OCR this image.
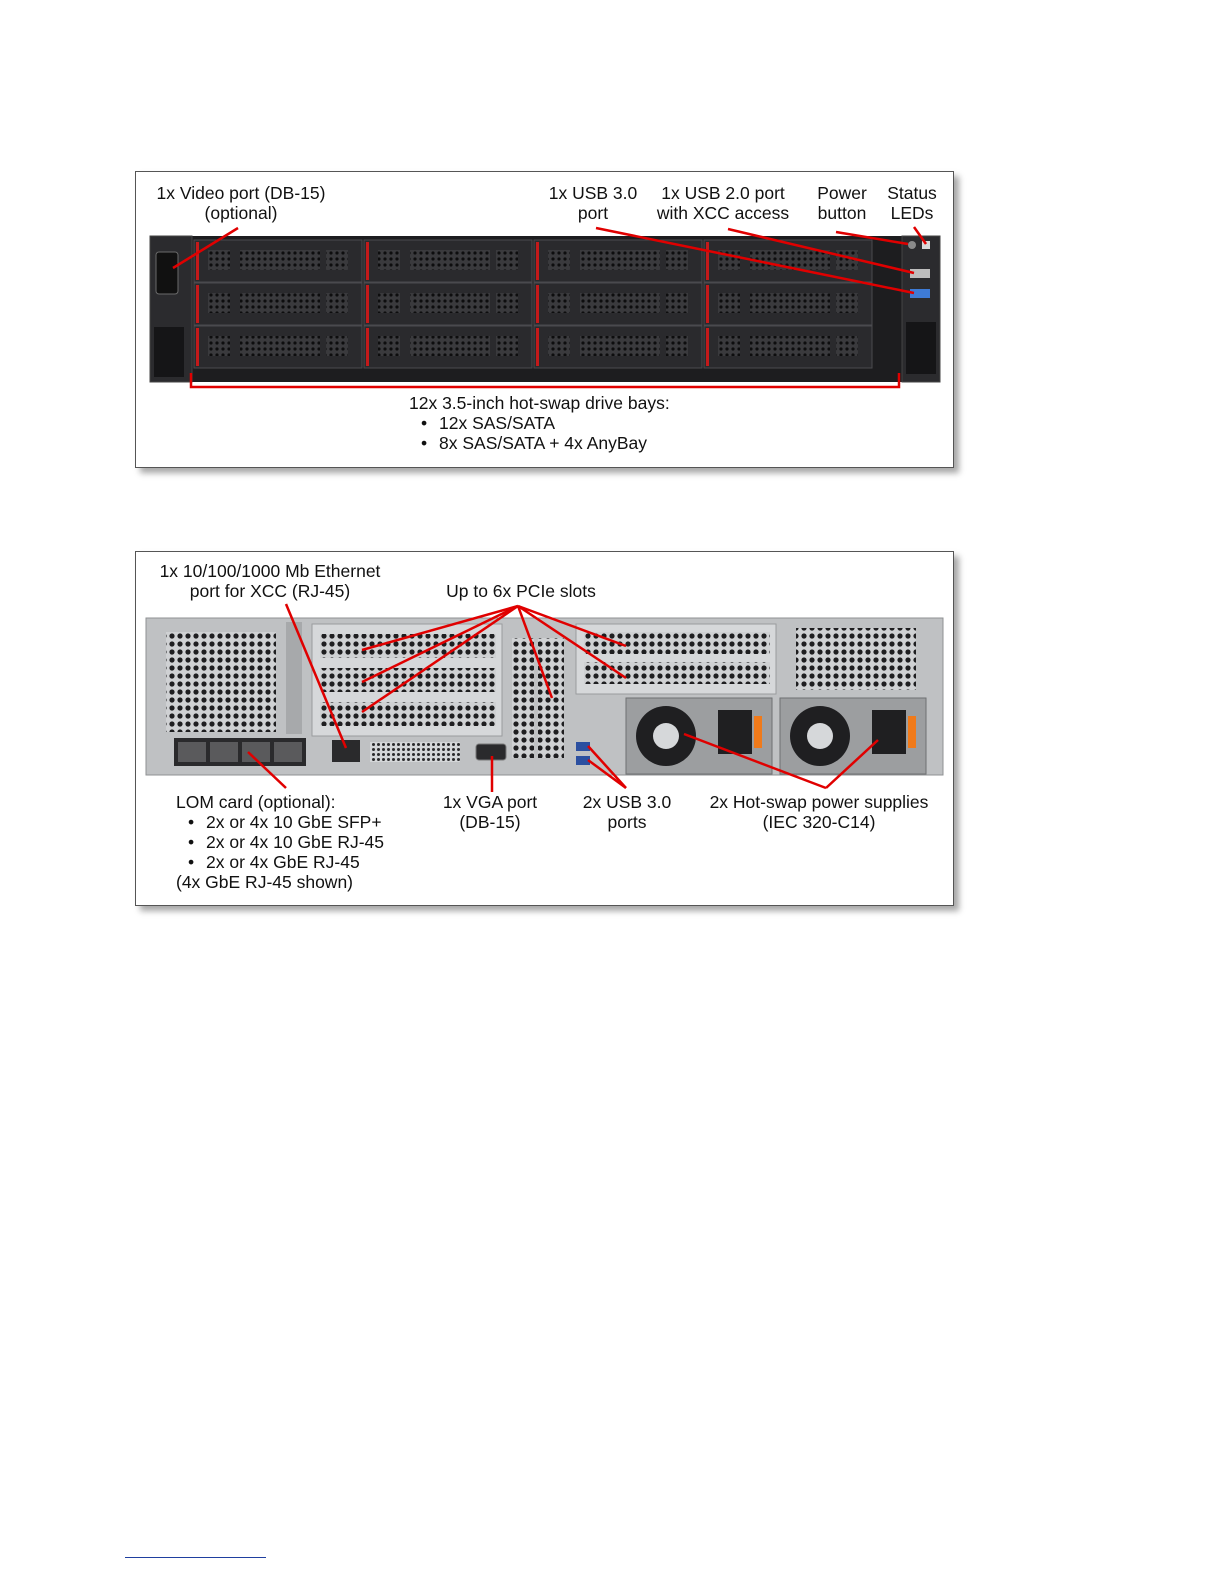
1x Video port (DB-15)
(optional)
1x USB 3.0
port
1x USB 2.0 port
with XCC access
Power
button
Status
LEDs
12x 3.5-inch hot-swap drive bays:
• 12x SAS/SATA
• 8x SAS/SATA + 4x AnyBay
1x 10/100/1000 Mb Ethernet
port for XCC (RJ-45)	Up to 6x PCIe slots
LOM card (optional):
• 2x or 4x 10 GbE SFP+
• 2x or 4x 10 GbE RJ-45
• 2x or 4x GbE RJ-45
(4x GbE RJ-45 shown)
1x VGA port
(DB-15)
2x USB 3.0
ports
2x Hot-swap power supplies
(IEC 320-C14)
